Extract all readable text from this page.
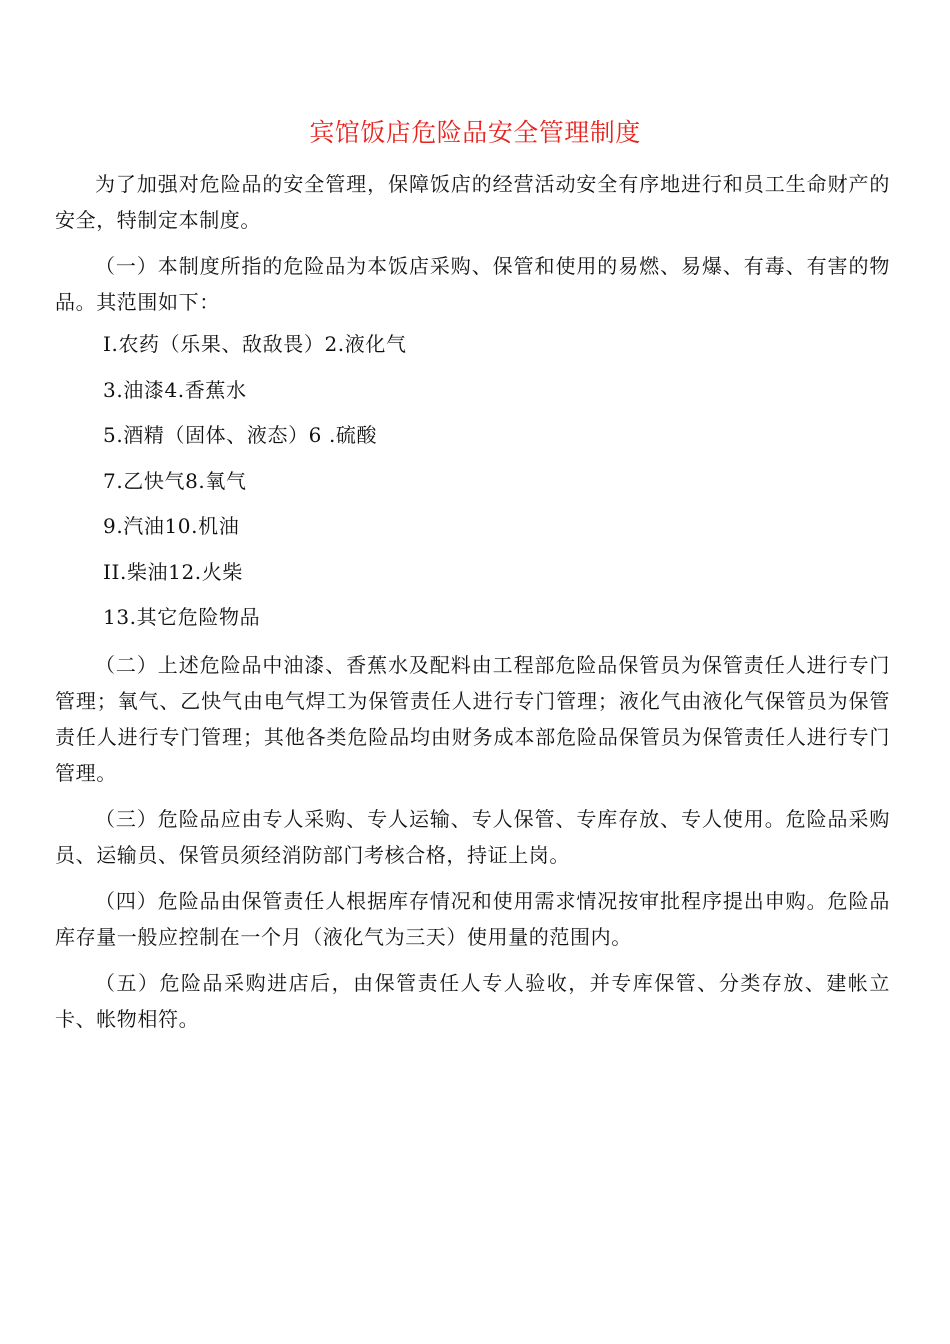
宾馆饭店危险品安全管理制度

为了加强对危险品的安全管理，保障饭店的经营活动安全有序地进行和员工生命财产的安全，特制定本制度。

（一）本制度所指的危险品为本饭店采购、保管和使用的易燃、易爆、有毒、有害的物品。其范围如下：

I.农药（乐果、敌敌畏）2.液化气

3.油漆4.香蕉水

5.酒精（固体、液态）6 .硫酸

7.乙快气8.氧气

9.汽油10.机油

II.柴油12.火柴

13.其它危险物品

（二）上述危险品中油漆、香蕉水及配料由工程部危险品保管员为保管责任人进行专门管理；氧气、乙快气由电气焊工为保管责任人进行专门管理；液化气由液化气保管员为保管责任人进行专门管理；其他各类危险品均由财务成本部危险品保管员为保管责任人进行专门管理。

（三）危险品应由专人采购、专人运输、专人保管、专库存放、专人使用。危险品采购员、运输员、保管员须经消防部门考核合格，持证上岗。

（四）危险品由保管责任人根据库存情况和使用需求情况按审批程序提出申购。危险品库存量一般应控制在一个月（液化气为三天）使用量的范围内。

（五）危险品采购进店后，由保管责任人专人验收，并专库保管、分类存放、建帐立卡、帐物相符。
